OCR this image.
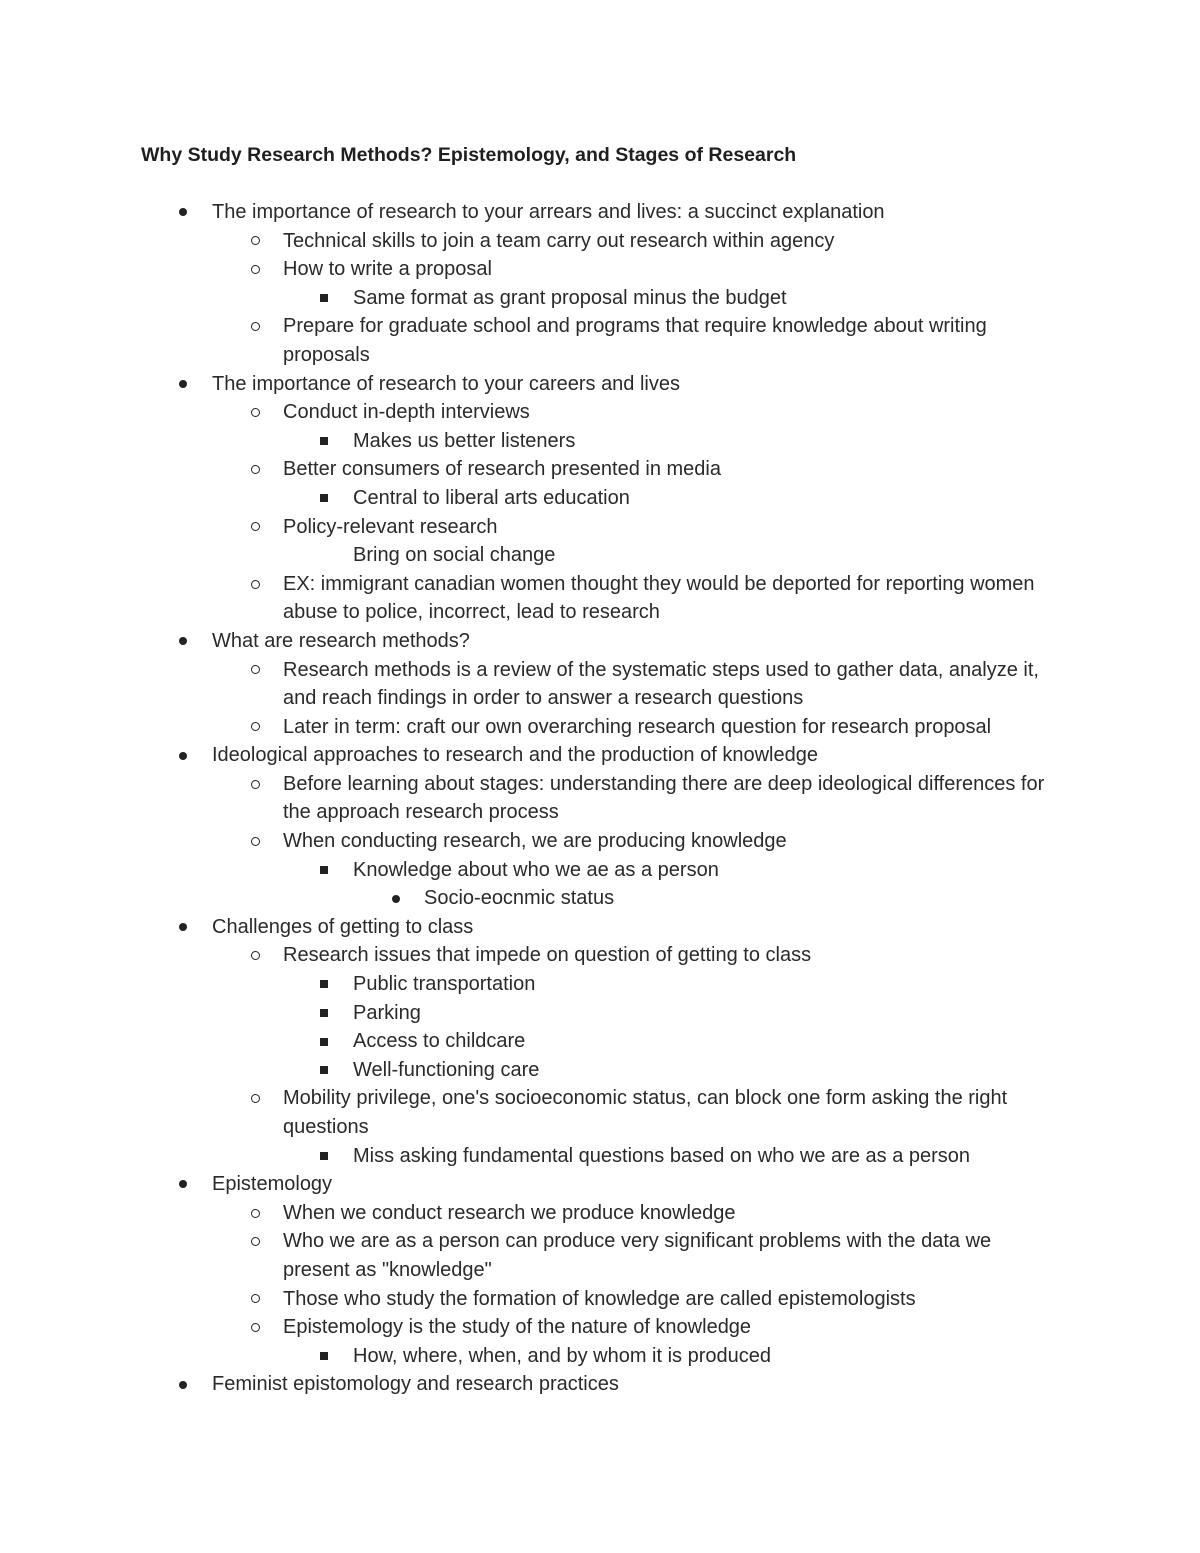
Why Study Research Methods? Epistemology, and Stages of Research
The importance of research to your arrears and lives: a succinct explanation
Technical skills to join a team carry out research within agency
How to write a proposal
Same format as grant proposal minus the budget
Prepare for graduate school and programs that require knowledge about writing proposals
The importance of research to your careers and lives
Conduct in-depth interviews
Makes us better listeners
Better consumers of research presented in media
Central to liberal arts education
Policy-relevant research
Bring on social change
EX: immigrant canadian women thought they would be deported for reporting women abuse to police, incorrect, lead to research
What are research methods?
Research methods is a review of the systematic steps used to gather data, analyze it, and reach findings in order to answer a research questions
Later in term: craft our own overarching research question for research proposal
Ideological approaches to research and the production of knowledge
Before learning about stages: understanding there are deep ideological differences for the approach research process
When conducting research, we are producing knowledge
Knowledge about who we ae as a person
Socio-eocnmic status
Challenges of getting to class
Research issues that impede on question of getting to class
Public transportation
Parking
Access to childcare
Well-functioning care
Mobility privilege, one's socioeconomic status, can block one form asking the right questions
Miss asking fundamental questions based on who we are as a person
Epistemology
When we conduct research we produce knowledge
Who we are as a person can produce very significant problems with the data we present as "knowledge"
Those who study the formation of knowledge are called epistemologists
Epistemology is the study of the nature of knowledge
How, where, when, and by whom it is produced
Feminist epistomology and research practices
